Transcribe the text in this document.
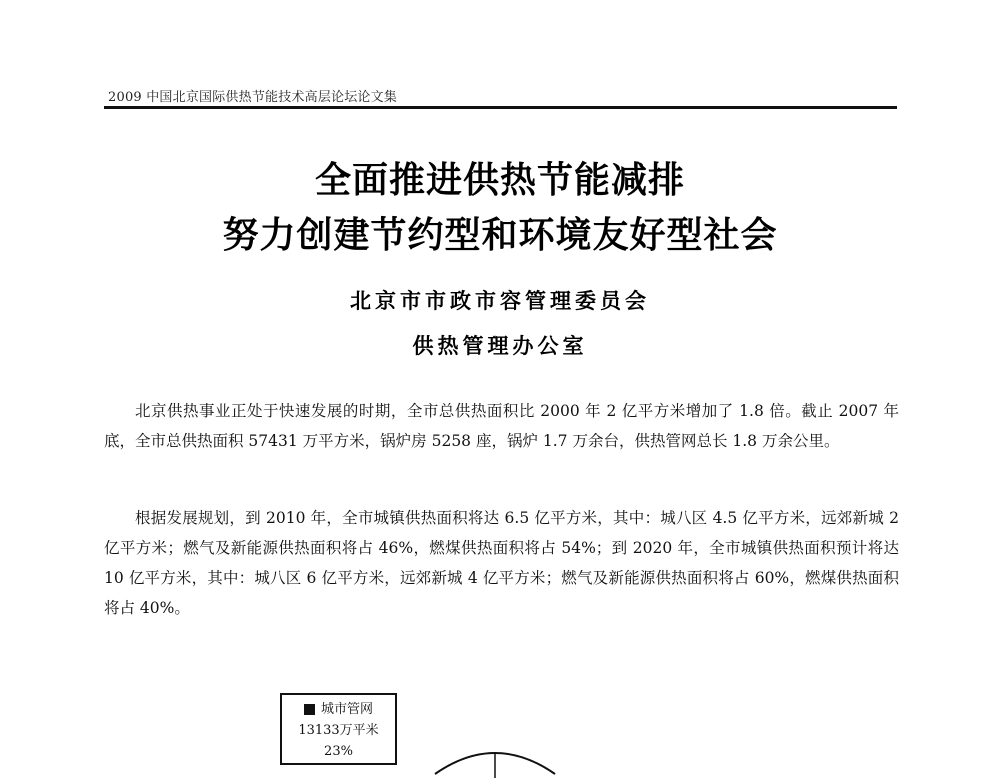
2009 中国北京国际供热节能技术高层论坛论文集
全面推进供热节能减排
努力创建节约型和环境友好型社会
北京市市政市容管理委员会
供热管理办公室

北京供热事业正处于快速发展的时期，全市总供热面积比 2000 年 2 亿平方米增加了 1.8 倍。截止 2007 年底，全市总供热面积 57431 万平方米，锅炉房 5258 座，锅炉 1.7 万余台，供热管网总长 1.8 万余公里。

根据发展规划，到 2010 年，全市城镇供热面积将达 6.5 亿平方米，其中：城八区 4.5 亿平方米，远郊新城 2 亿平方米；燃气及新能源供热面积将占 46%，燃煤供热面积将占 54%；到 2020 年，全市城镇供热面积预计将达 10 亿平方米，其中：城八区 6 亿平方米，远郊新城 4 亿平方米；燃气及新能源供热面积将占 60%，燃煤供热面积将占 40%。

城市管网
13133万平米
23%
